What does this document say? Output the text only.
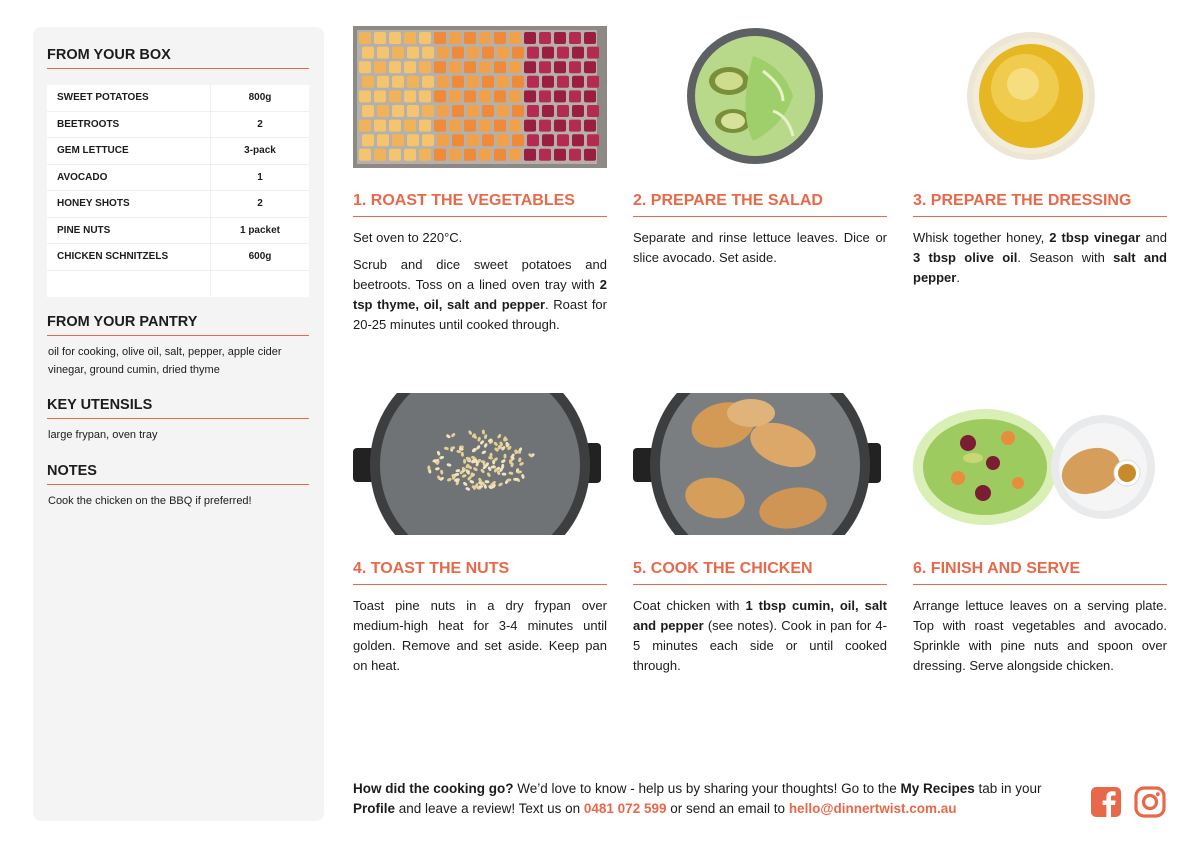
FROM YOUR BOX
SWEET POTATOES	800g
BEETROOTS	2
GEM LETTUCE	3-pack
AVOCADO	1
HONEY SHOTS	2
PINE NUTS	1 packet
CHICKEN SCHNITZELS	600g

FROM YOUR PANTRY

oil for cooking, olive oil, salt, pepper, apple cider vinegar, ground cumin, dried thyme

KEY UTENSILS

large frypan, oven tray

NOTES

Cook the chicken on the BBQ if preferred!

1. ROAST THE VEGETABLES

Set oven to 220°C.

Scrub and dice sweet potatoes and beetroots. Toss on a lined oven tray with 2 tsp thyme, oil, salt and pepper. Roast for 20-25 minutes until cooked through.

2. PREPARE THE SALAD

Separate and rinse lettuce leaves. Dice or slice avocado. Set aside.

3. PREPARE THE DRESSING

Whisk together honey, 2 tbsp vinegar and 3 tbsp olive oil. Season with salt and pepper.

4. TOAST THE NUTS

Toast pine nuts in a dry frypan over medium-high heat for 3-4 minutes until golden. Remove and set aside. Keep pan on heat.

5. COOK THE CHICKEN

Coat chicken with 1 tbsp cumin, oil, salt and pepper (see notes). Cook in pan for 4-5 minutes each side or until cooked through.

6. FINISH AND SERVE

Arrange lettuce leaves on a serving plate. Top with roast vegetables and avocado. Sprinkle with pine nuts and spoon over dressing. Serve alongside chicken.

How did the cooking go? We’d love to know - help us by sharing your thoughts! Go to the My Recipes tab in your Profile and leave a review! Text us on 0481 072 599 or send an email to hello@dinnertwist.com.au
